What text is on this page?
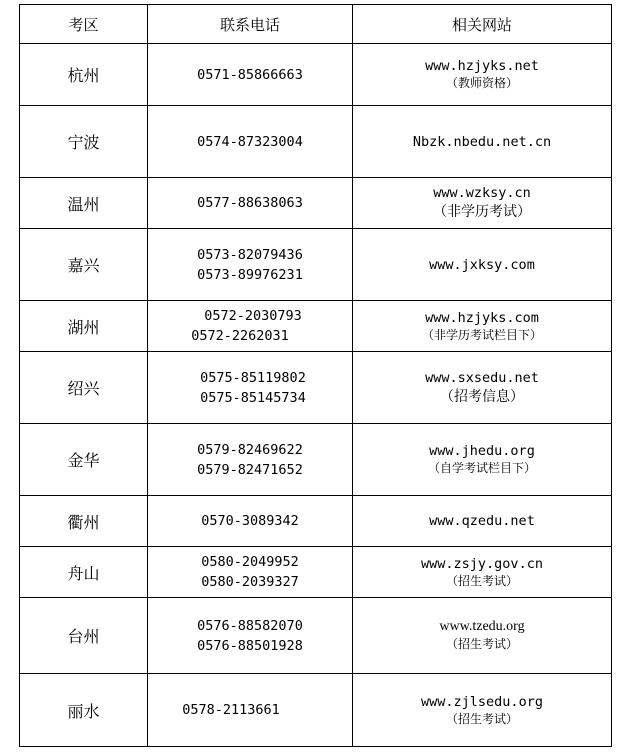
考区	联系电话	相关网站
杭州	0571-85866663	www.hzjyks.net
（教师资格）

宁波	0574-87323004	Nbzk.nbedu.net.cn

温州	0577-88638063	www.wzksy.cn
（非学历考试）

嘉兴	0573-82079436
0573-89976231	www.jxksy.com

湖州	0572-2030793
0572-2262031	www.hzjyks.com
（非学历考试栏目下）

绍兴	0575-85119802
0575-85145734	www.sxsedu.net
（招考信息）

金华	0579-82469622
0579-82471652	www.jhedu.org
（自学考试栏目下）

衢州	0570-3089342	www.qzedu.net

舟山	0580-2049952
0580-2039327	www.zsjy.gov.cn
（招生考试）

台州	0576-88582070
0576-88501928	www.tzedu.org
（招生考试）

丽水	0578-2113661	www.zjlsedu.org
（招生考试）
